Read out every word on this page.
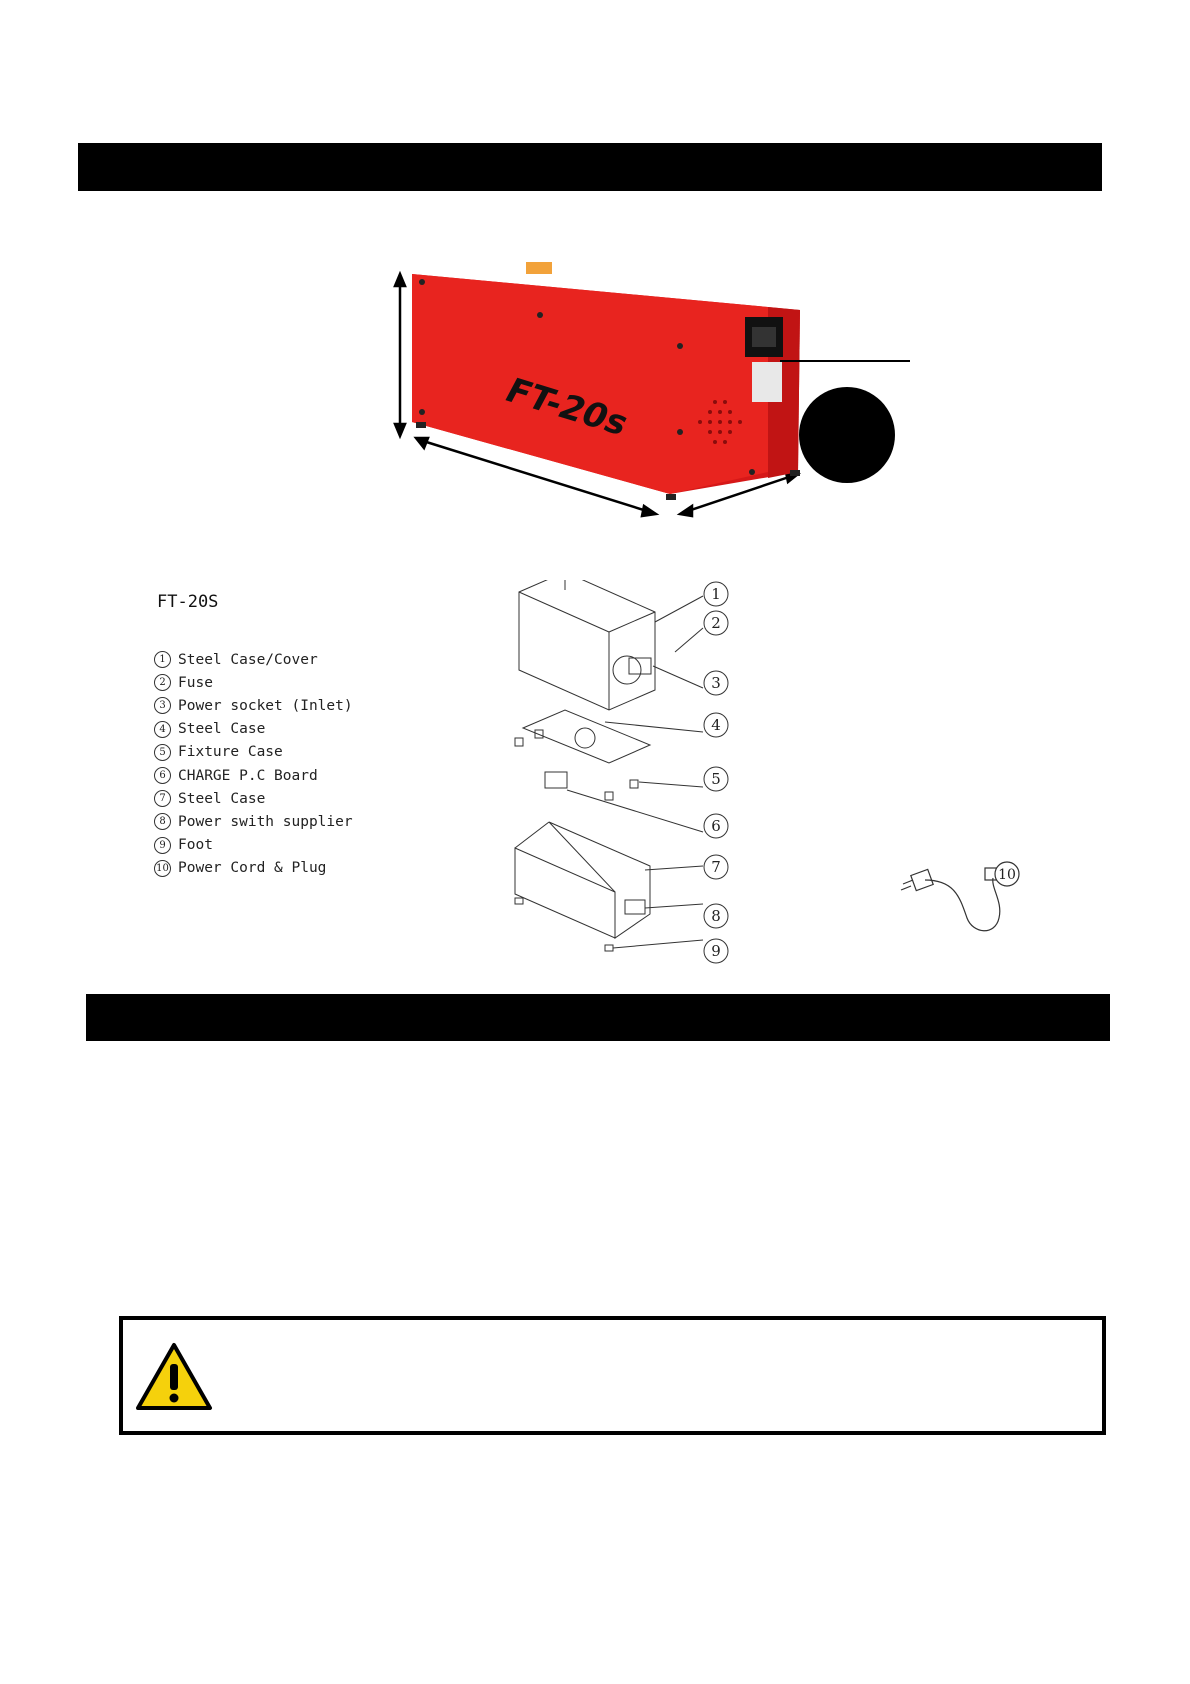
FT-20s
FT-20S
1 Steel Case/Cover
2 Fuse
3 Power socket (Inlet)
4 Steel Case
5 Fixture Case
6 CHARGE P.C Board
7 Steel Case
8 Power swith supplier
9 Foot
10 Power Cord & Plug
1
2
3
4
5
6
7
8
9
10
